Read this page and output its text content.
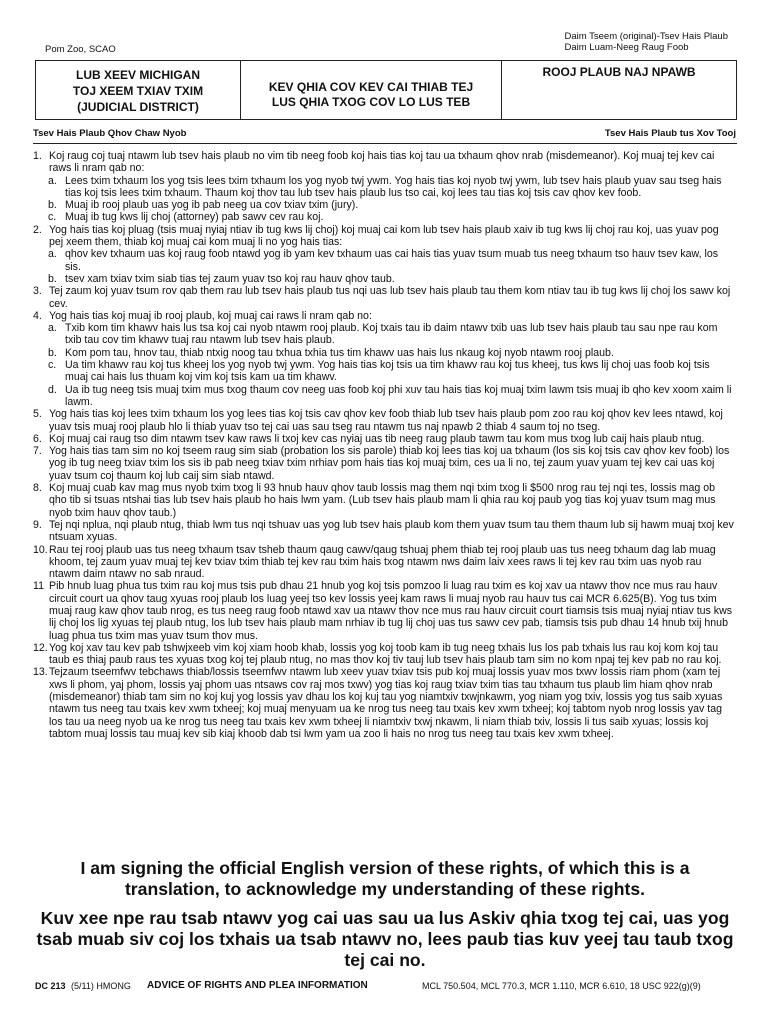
Daim Tseem (original)-Tsev Hais Plaub
Daim Luam-Neeg Raug Foob
Pom Zoo, SCAO
LUB XEEV MICHIGAN
TOJ XEEM TXIAV TXIM
(JUDICIAL DISTRICT)
KEV QHIA COV KEV CAI THIAB TEJ
LUS QHIA TXOG COV LO LUS TEB
ROOJ PLAUB NAJ NPAWB
Tsev Hais Plaub Qhov Chaw Nyob	Tsev Hais Plaub tus Xov Tooj
1. Koj raug coj tuaj ntawm lub tsev hais plaub no vim tib neeg foob koj hais tias koj tau ua txhaum qhov nrab (misdemeanor). Koj muaj tej kev cai raws li nram qab no:
a. Lees txim txhaum los yog tsis lees txim txhaum los yog nyob twj ywm. Yog hais tias koj nyob twj ywm, lub tsev hais plaub yuav sau tseg hais tias koj tsis lees txim txhaum. Thaum koj thov tau lub tsev hais plaub lus tso cai, koj lees tau tias koj tsis cav qhov kev foob.
b. Muaj ib rooj plaub uas yog ib pab neeg ua cov txiav txim (jury).
c. Muaj ib tug kws lij choj (attorney) pab sawv cev rau koj.
2. Yog hais tias koj pluag (tsis muaj nyiaj ntiav ib tug kws lij choj) koj muaj cai kom lub tsev hais plaub xaiv ib tug kws lij choj rau koj, uas yuav pog pej xeem them, thiab koj muaj cai kom muaj li no yog hais tias:
a. qhov kev txhaum uas koj raug foob ntawd yog ib yam kev txhaum uas cai hais tias yuav tsum muab tus neeg txhaum tso hauv tsev kaw, los sis.
b. tsev xam txiav txim siab tias tej zaum yuav tso koj rau hauv qhov taub.
3. Tej zaum koj yuav tsum rov qab them rau lub tsev hais plaub tus nqi uas lub tsev hais plaub tau them kom ntiav tau ib tug kws lij choj los sawv koj cev.
4. Yog hais tias koj muaj ib rooj plaub, koj muaj cai raws li nram qab no:
a. Txib kom tim khawv hais lus tsa koj cai nyob ntawm rooj plaub. Koj txais tau ib daim ntawv txib uas lub tsev hais plaub tau sau npe rau kom txib tau cov tim khawv tuaj rau ntawm lub tsev hais plaub.
b. Kom pom tau, hnov tau, thiab ntxig noog tau txhua txhia tus tim khawv uas hais lus nkaug koj nyob ntawm rooj plaub.
c. Ua tim khawv rau koj tus kheej los yog nyob twj ywm. Yog hais tias koj tsis ua tim khawv rau koj tus kheej, tus kws lij choj uas foob koj tsis muaj cai hais lus thuam koj vim koj tsis kam ua tim khawv.
d. Ua ib tug neeg tsis muaj txim mus txog thaum cov neeg uas foob koj phi xuv tau hais tias koj muaj txim lawm tsis muaj ib qho kev xoom xaim li lawm.
5. Yog hais tias koj lees txim txhaum los yog lees tias koj tsis cav qhov kev foob thiab lub tsev hais plaub pom zoo rau koj qhov kev lees ntawd, koj yuav tsis muaj rooj plaub hlo li thiab yuav tso tej cai uas sau tseg rau ntawm tus naj npawb 2 thiab 4 saum toj no tseg.
6. Koj muaj cai raug tso dim ntawm tsev kaw raws li txoj kev cas nyiaj uas tib neeg raug plaub tawm tau kom mus txog lub caij hais plaub ntug.
7. Yog hais tias tam sim no koj tseem raug sim siab (probation los sis parole) thiab koj lees tias koj ua txhaum (los sis koj tsis cav qhov kev foob) los yog ib tug neeg txiav txim los sis ib pab neeg txiav txim nrhiav pom hais tias koj muaj txim, ces ua li no, tej zaum yuav yuam tej kev cai uas koj yuav tsum coj thaum koj lub caij sim siab ntawd.
8. Koj muaj cuab kav mag mus nyob txim txog li 93 hnub hauv qhov taub lossis mag them nqi txim txog li $500 nrog rau tej nqi tes, lossis mag ob qho tib si tsuas ntshai tias lub tsev hais plaub ho hais lwm yam. (Lub tsev hais plaub mam li qhia rau koj paub yog tias koj yuav tsum mag mus nyob txim hauv qhov taub.)
9. Tej nqi nplua, nqi plaub ntug, thiab lwm tus nqi tshuav uas yog lub tsev hais plaub kom them yuav tsum tau them thaum lub sij hawm muaj txoj kev ntsuam xyuas.
10. Rau tej rooj plaub uas tus neeg txhaum tsav tsheb thaum qaug cawv/qaug tshuaj phem thiab tej rooj plaub uas tus neeg txhaum dag lab muag khoom, tej zaum yuav muaj tej kev txiav txim thiab tej kev rau txim hais txog ntawm nws daim laiv xees raws li tej kev rau txim uas nyob rau ntawm daim ntawv no sab nraud.
11 Pib hnub luag phua tus txim rau koj mus tsis pub dhau 21 hnub yog koj tsis pomzoo li luag rau txim es koj xav ua ntawv thov nce mus rau hauv circuit court ua qhov taug xyuas rooj plaub los luag yeej tso kev lossis yeej kam raws li muaj nyob rau hauv tus cai MCR 6.625(B). Yog tus txim muaj raug kaw qhov taub nrog, es tus neeg raug foob ntawd xav ua ntawv thov nce mus rau hauv circuit court tiamsis tsis muaj nyiaj ntiav tus kws lij choj los lig xyuas tej plaub ntug, los lub tsev hais plaub mam nrhiav ib tug lij choj uas tus sawv cev pab, tiamsis tsis pub dhau 14 hnub txij hnub luag phua tus txim mas yuav tsum thov mus.
12. Yog koj xav tau kev pab tshwjxeeb vim koj xiam hoob khab, lossis yog koj toob kam ib tug neeg txhais lus los pab txhais lus rau koj kom koj tau taub es thiaj paub raus tes xyuas txog koj tej plaub ntug, no mas thov koj tiv tauj lub tsev hais plaub tam sim no kom npaj tej kev pab no rau koj.
13. Tejzaum tseemfwv tebchaws thiab/lossis tseemfwv ntawm lub xeev yuav txiav tsis pub koj muaj lossis yuav mos txwv lossis riam phom (xam tej xws li phom, yaj phom, lossis yaj phom uas ntsaws cov raj mos txwv) yog tias koj raug txiav txim tias tau txhaum tus plaub lim hiam qhov nrab (misdemeanor) thiab tam sim no koj kuj yog lossis yav dhau los koj kuj tau yog niamtxiv txwjnkawm, yog niam yog txiv, lossis yog tus saib xyuas ntawm tus neeg tau txais kev xwm txheej; koj muaj menyuam ua ke nrog tus neeg tau txais kev xwm txheej; koj tabtom nyob nrog lossis yav tag los tau ua neeg nyob ua ke nrog tus neeg tau txais kev xwm txheej li niamtxiv txwj nkawm, li niam thiab txiv, lossis li tus saib xyuas; lossis koj tabtom muaj lossis tau muaj kev sib kiaj khoob dab tsi lwm yam ua zoo li hais no nrog tus neeg tau txais kev xwm txheej.
I am signing the official English version of these rights, of which this is a translation, to acknowledge my understanding of these rights.
Kuv xee npe rau tsab ntawv yog cai uas sau ua lus Askiv qhia txog tej cai, uas yog tsab muab siv coj los txhais ua tsab ntawv no, lees paub tias kuv yeej tau taub txog tej cai no.
DC 213 (5/11) HMONG ADVICE OF RIGHTS AND PLEA INFORMATION	MCL 750.504, MCL 770.3, MCR 1.110, MCR 6.610, 18 USC 922(g)(9)
